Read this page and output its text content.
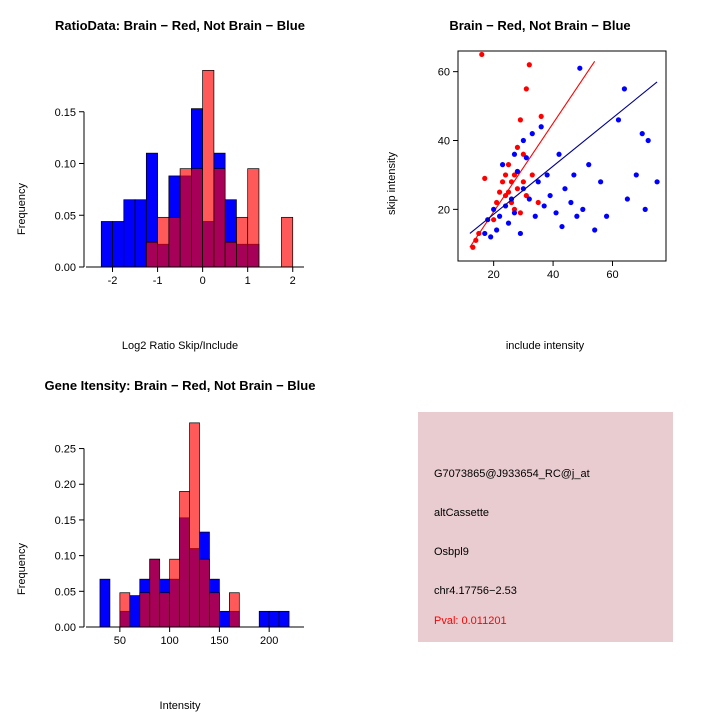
RatioData: Brain − Red, Not Brain − Blue
Frequency
-2	-1	0	1	2
0.00
0.05
0.10
0.15
Log2 Ratio Skip/Include
Brain − Red, Not Brain − Blue
skip intensity
20	40	60
20
40
60
include intensity
Gene Itensity: Brain − Red, Not Brain − Blue
Frequency
50	100	150	200
0.00
0.05
0.10
0.15
0.20
0.25
Intensity
G7073865@J933654_RC@j_at
altCassette
Osbpl9
chr4.17756−2.53
Pval: 0.011201
